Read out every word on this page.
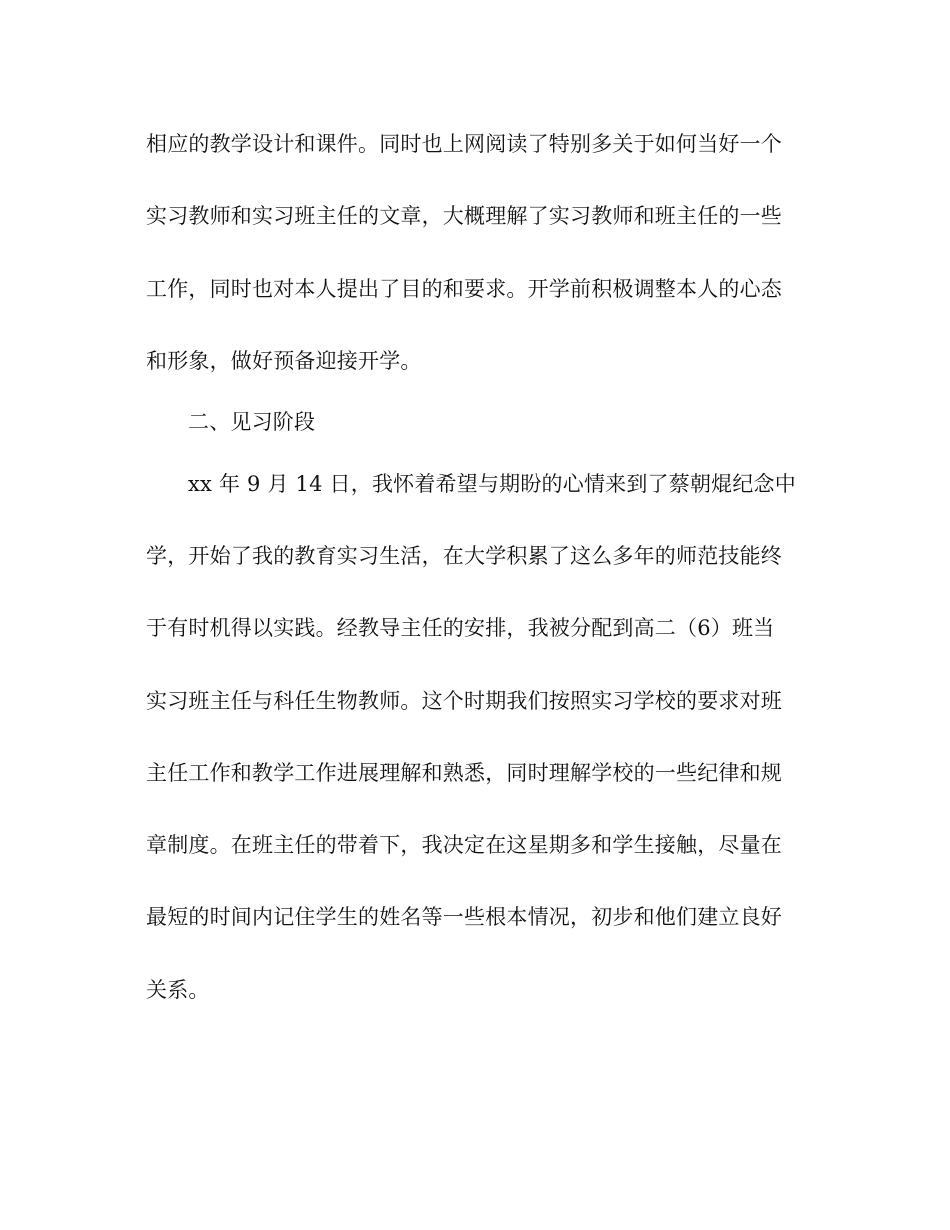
相应的教学设计和课件。同时也上网阅读了特别多关于如何当好一个
实习教师和实习班主任的文章，大概理解了实习教师和班主任的一些
工作，同时也对本人提出了目的和要求。开学前积极调整本人的心态
和形象，做好预备迎接开学。
二、见习阶段
xx 年 9 月 14 日，我怀着希望与期盼的心情来到了蔡朝焜纪念中
学，开始了我的教育实习生活，在大学积累了这么多年的师范技能终
于有时机得以实践。经教导主任的安排，我被分配到高二（6）班当
实习班主任与科任生物教师。这个时期我们按照实习学校的要求对班
主任工作和教学工作进展理解和熟悉，同时理解学校的一些纪律和规
章制度。在班主任的带着下，我决定在这星期多和学生接触，尽量在
最短的时间内记住学生的姓名等一些根本情况，初步和他们建立良好
关系。
